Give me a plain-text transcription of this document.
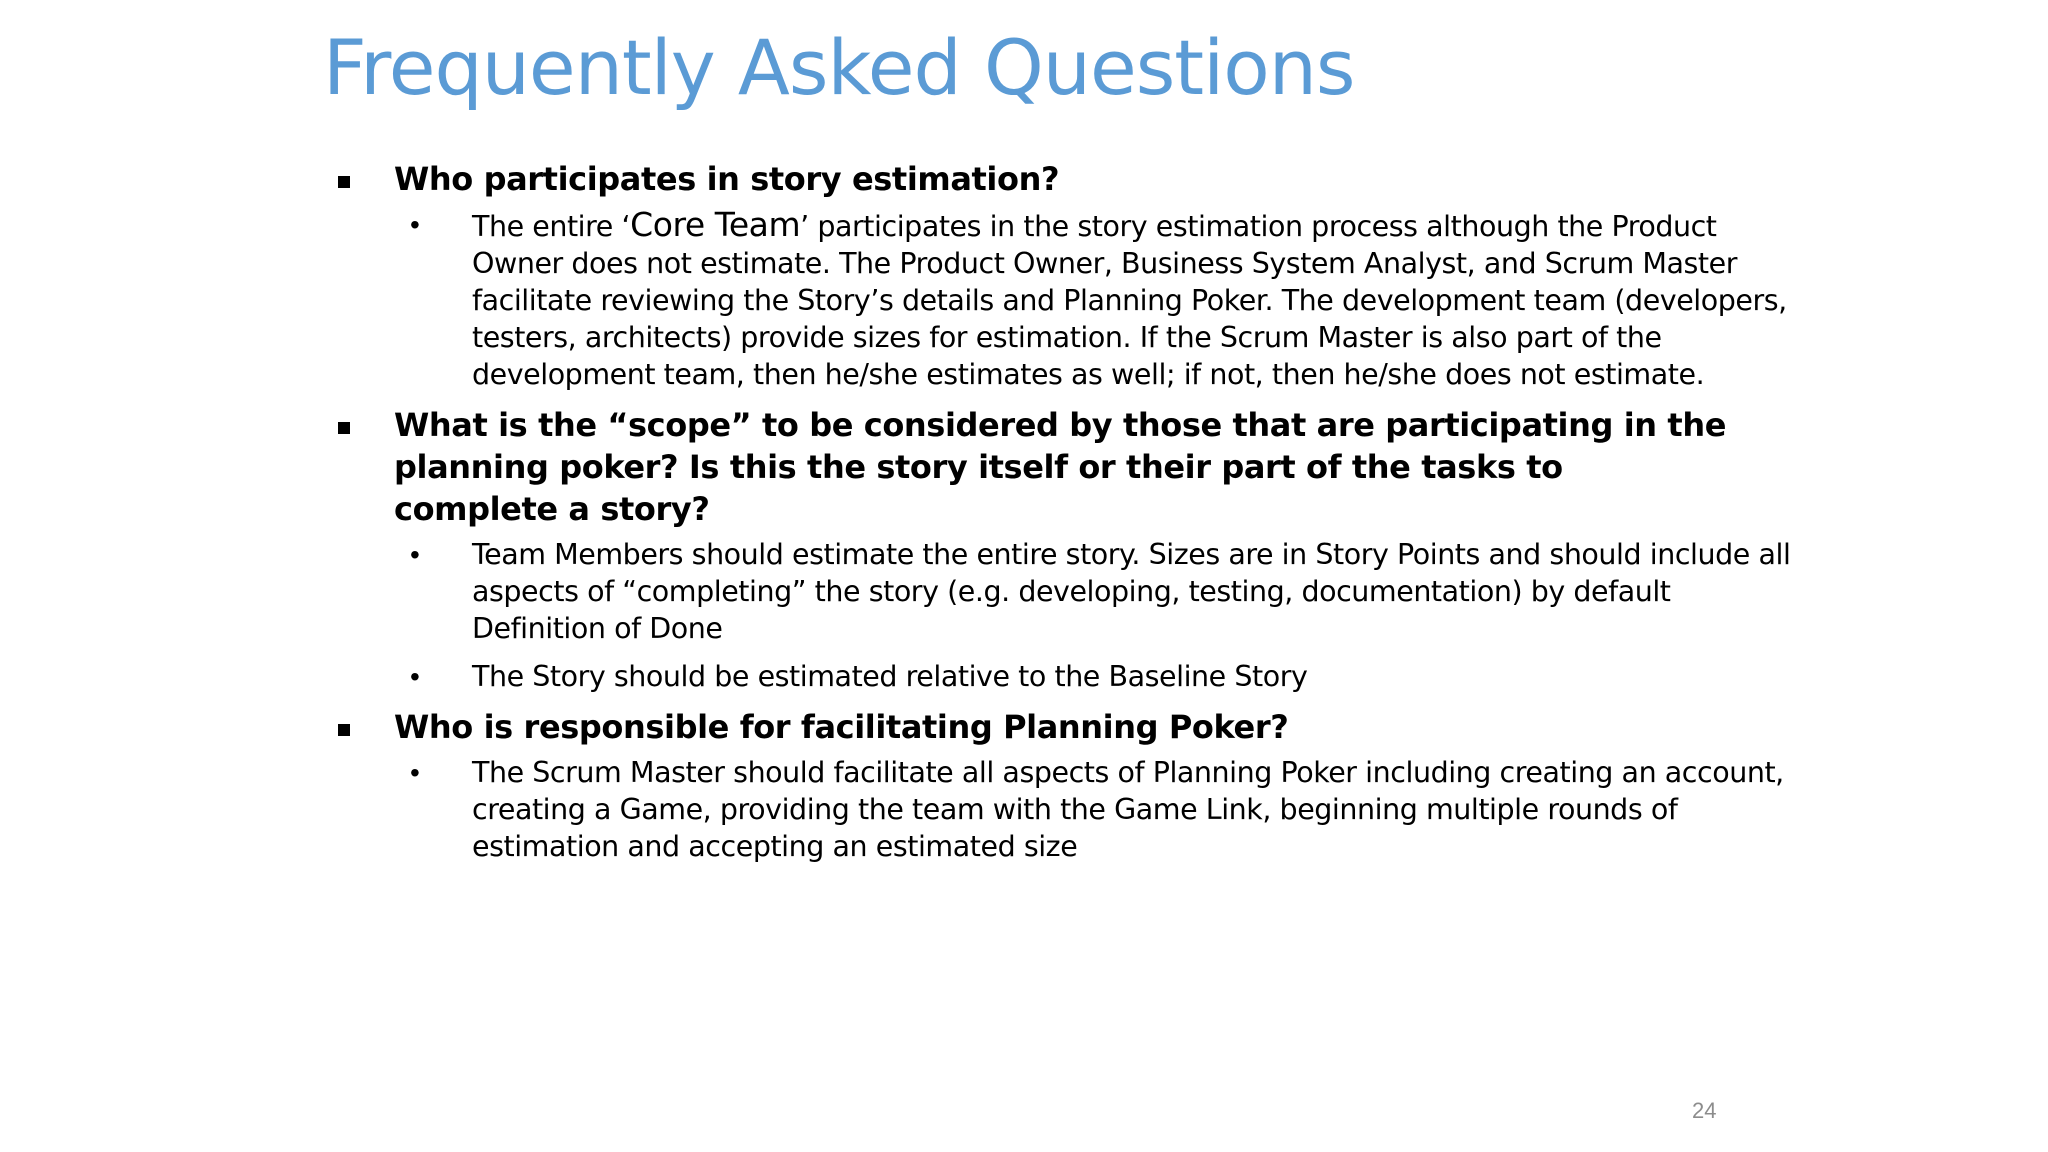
Frequently Asked Questions

Who participates in story estimation?

• The entire ‘Core Team’ participates in the story estimation process although the Product Owner does not estimate. The Product Owner, Business System Analyst, and Scrum Master facilitate reviewing the Story’s details and Planning Poker. The development team (developers, testers, architects) provide sizes for estimation. If the Scrum Master is also part of the development team, then he/she estimates as well; if not, then he/she does not estimate.

What is the “scope” to be considered by those that are participating in the planning poker? Is this the story itself or their part of the tasks to complete a story?

• Team Members should estimate the entire story. Sizes are in Story Points and should include all aspects of “completing” the story (e.g. developing, testing, documentation) by default Definition of Done
• The Story should be estimated relative to the Baseline Story

Who is responsible for facilitating Planning Poker?

• The Scrum Master should facilitate all aspects of Planning Poker including creating an account, creating a Game, providing the team with the Game Link, beginning multiple rounds of estimation and accepting an estimated size
24
